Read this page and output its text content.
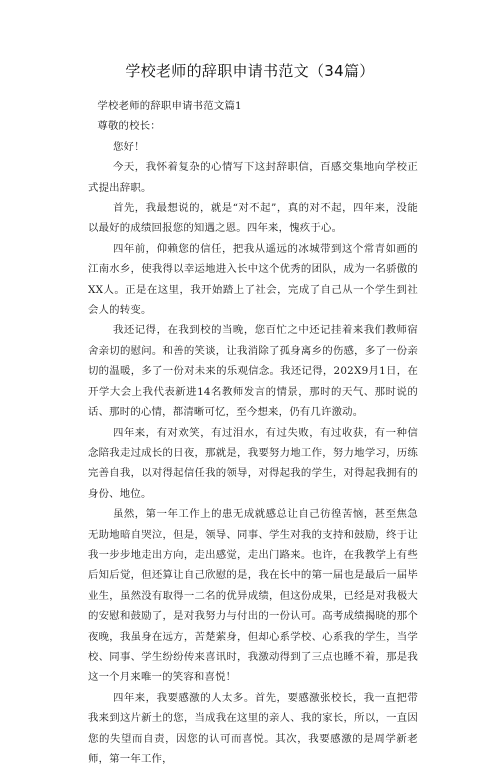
学校老师的辞职申请书范文（34篇）

学校老师的辞职申请书范文篇1

尊敬的校长：

您好！

今天，我怀着复杂的心情写下这封辞职信，百感交集地向学校正式提出辞职。

首先，我最想说的，就是“对不起”，真的对不起，四年来，没能以最好的成绩回报您的知遇之恩。四年来，愧疚于心。

四年前，仰赖您的信任，把我从遥远的冰城带到这个常青如画的江南水乡，使我得以幸运地进入长中这个优秀的团队，成为一名骄傲的XX人。正是在这里，我开始踏上了社会，完成了自己从一个学生到社会人的转变。

我还记得，在我到校的当晚，您百忙之中还记挂着来我们教师宿舍亲切的慰问。和善的笑谈，让我消除了孤身离乡的伤感，多了一份亲切的温暖，多了一份对未来的乐观信念。我还记得，202X9月1日，在开学大会上我代表新进14名教师发言的情景，那时的天气、那时说的话、那时的心情，都清晰可忆，至今想来，仍有几许激动。

四年来，有对欢笑，有过泪水，有过失败，有过收获，有一种信念陪我走过成长的日夜，那就是，我要努力地工作，努力地学习，历练完善自我，以对得起信任我的领导，对得起我的学生，对得起我拥有的身份、地位。

虽然，第一年工作上的患无成就感总让自己彷徨苦恼，甚至焦急无助地暗自哭泣，但是，领导、同事、学生对我的支持和鼓励，终于让我一步步地走出方向，走出感觉，走出门路来。也许，在我教学上有些后知后觉，但还算让自己欣慰的是，我在长中的第一届也是最后一届毕业生，虽然没有取得一二名的优异成绩，但这份成果，已经是对我极大的安慰和鼓励了，是对我努力与付出的一份认可。高考成绩揭晓的那个夜晚，我虽身在远方，苦楚萦身，但却心系学校、心系我的学生，当学校、同事、学生纷纷传来喜讯时，我激动得到了三点也睡不着，那是我这一个月来唯一的笑容和喜悦！

四年来，我要感激的人太多。首先，要感激张校长，我一直把带我来到这片新土的您，当成我在这里的亲人、我的家长，所以，一直因您的失望而自责，因您的认可而喜悦。其次，我要感激的是周学新老师，第一年工作，
